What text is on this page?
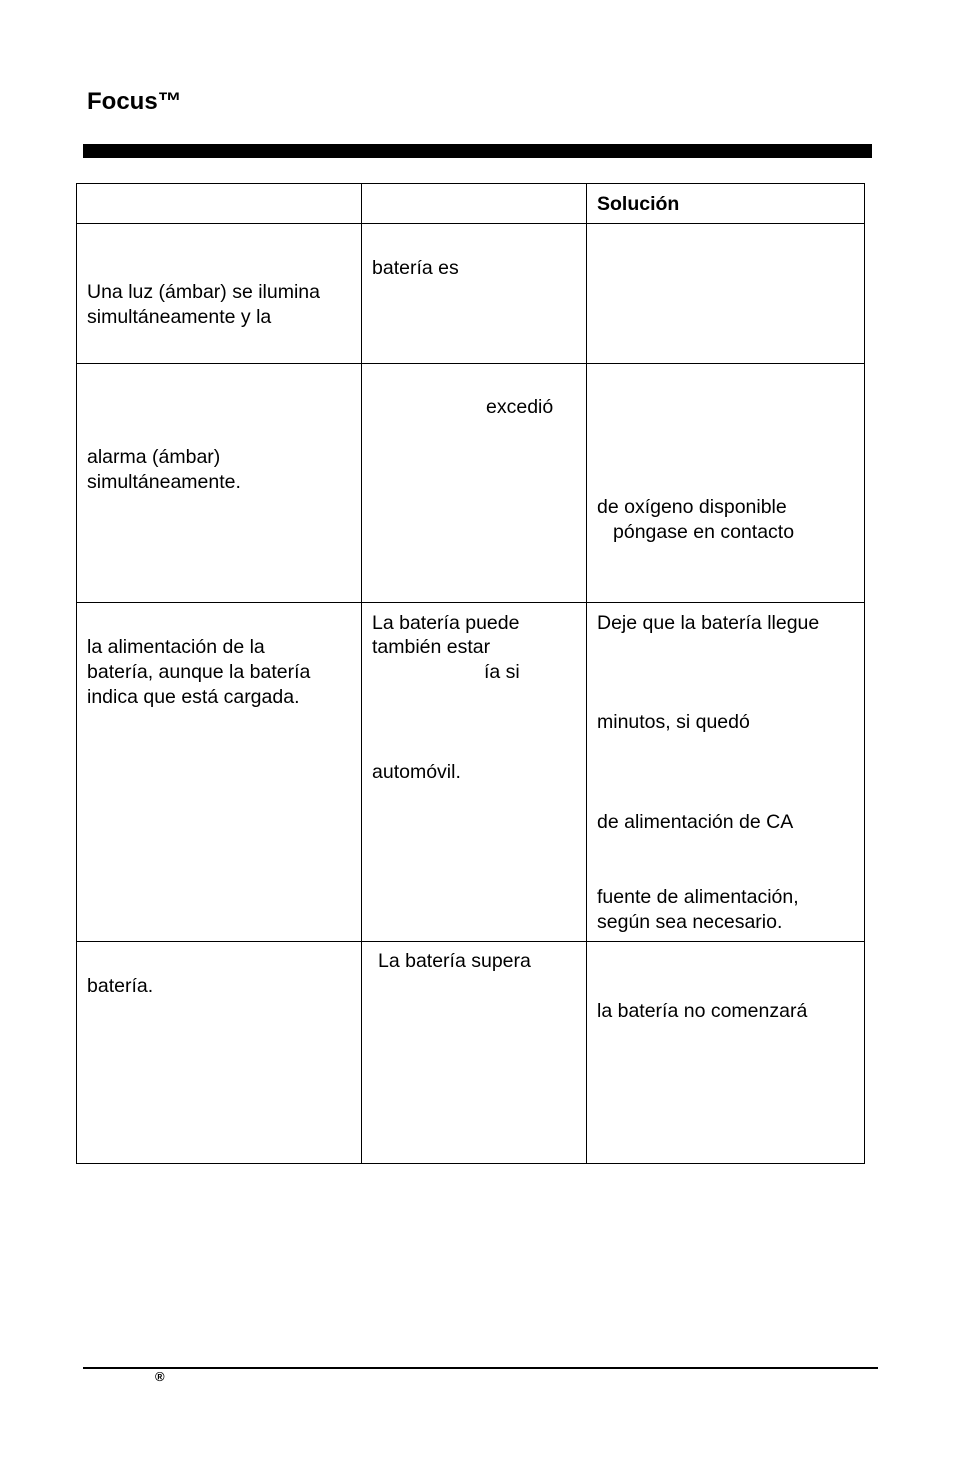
Focus™
Solución
Una luz (ámbar) se ilumina
simultáneamente y la
batería es
alarma (ámbar)
simultáneamente.
excedió
de oxígeno disponible
póngase en contacto
la alimentación de la
batería, aunque la batería
indica que está cargada.
La batería puede
también estar
ía si
automóvil.
Deje que la batería llegue
minutos, si quedó
de alimentación de CA
fuente de alimentación,
según sea necesario.
batería.
La batería supera
la batería no comenzará
®
